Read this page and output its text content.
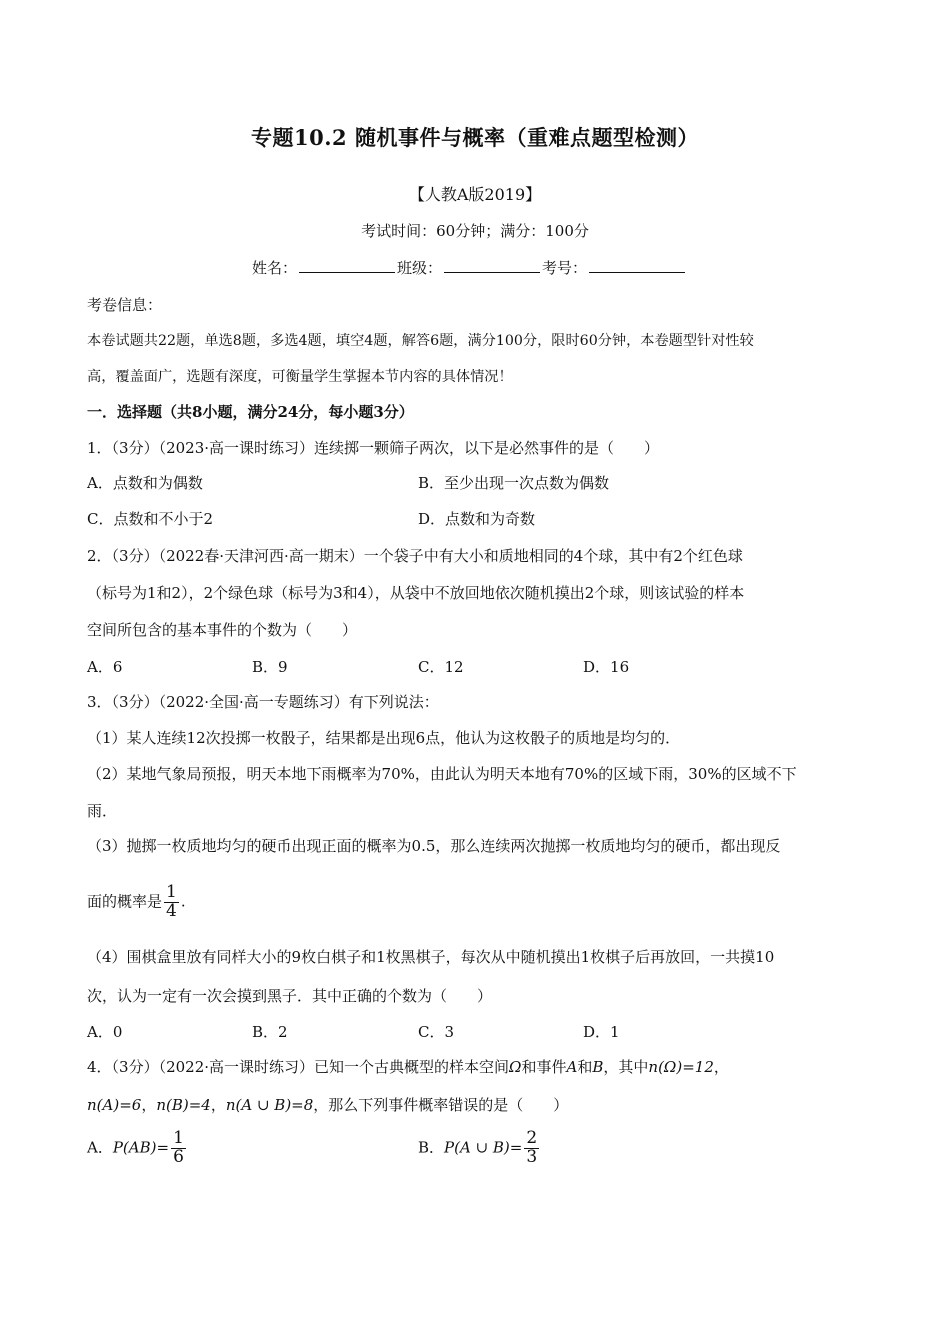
专题10.2 随机事件与概率（重难点题型检测）
【人教A版2019】
考试时间：60分钟；满分：100分
姓名：	班级：	考号：
考卷信息：
本卷试题共22题，单选8题，多选4题，填空4题，解答6题，满分100分，限时60分钟，本卷题型针对性较
高，覆盖面广，选题有深度，可衡量学生掌握本节内容的具体情况！
一．选择题（共8小题，满分24分，每小题3分）
1．（3分）（2023·高一课时练习）连续掷一颗筛子两次，以下是必然事件的是（　　）
A．点数和为偶数	B．至少出现一次点数为偶数
C．点数和不小于2	D．点数和为奇数
2．（3分）（2022春·天津河西·高一期末）一个袋子中有大小和质地相同的4个球，其中有2个红色球
（标号为1和2），2个绿色球（标号为3和4），从袋中不放回地依次随机摸出2个球，则该试验的样本
空间所包含的基本事件的个数为（　　）
A．6	B．9	C．12	D．16
3．（3分）（2022·全国·高一专题练习）有下列说法：
（1）某人连续12次投掷一枚骰子，结果都是出现6点，他认为这枚骰子的质地是均匀的．
（2）某地气象局预报，明天本地下雨概率为70%，由此认为明天本地有70%的区域下雨，30%的区域不下
雨．
（3）抛掷一枚质地均匀的硬币出现正面的概率为0.5，那么连续两次抛掷一枚质地均匀的硬币，都出现反
面的概率是 $\frac{1}{4}$ .
（4）围棋盒里放有同样大小的9枚白棋子和1枚黑棋子，每次从中随机摸出1枚棋子后再放回，一共摸10
次，认为一定有一次会摸到黑子．其中正确的个数为（　　）
A．0	B．2	C．3	D．1
4．（3分）（2022·高一课时练习）已知一个古典概型的样本空间Ω和事件A和B，其中n(Ω)=12，
n(A)=6，n(B)=4，n(A ∪ B)=8，那么下列事件概率错误的是（　　）
A．$P(AB)= \frac{1}{6}$	B．P(A ∪ $B)= \frac{2}{3}$
